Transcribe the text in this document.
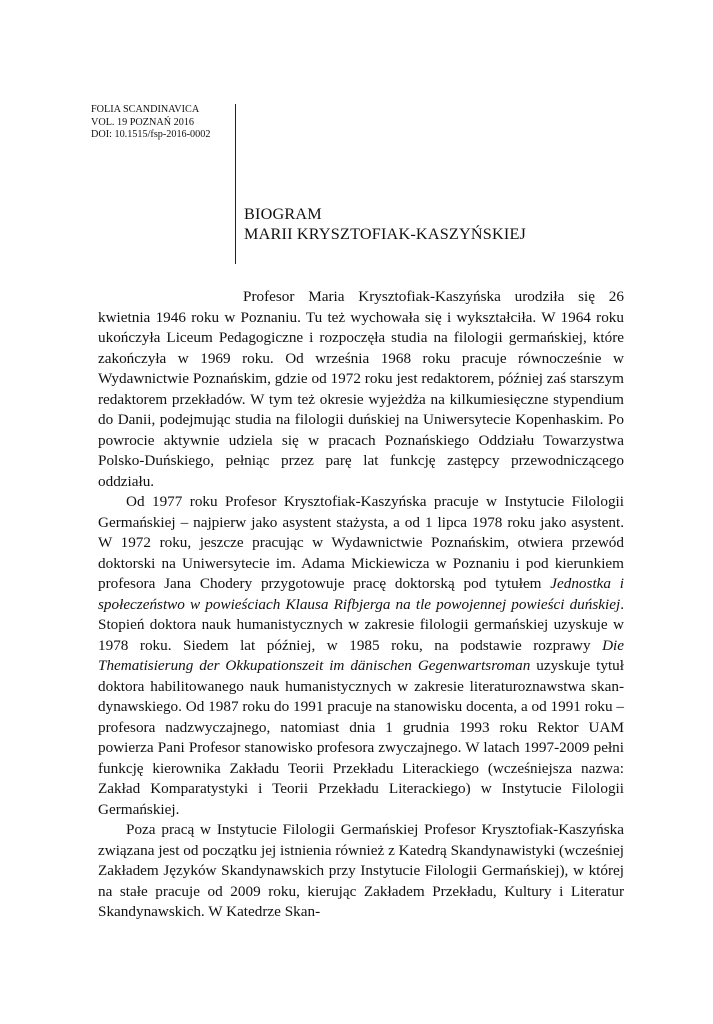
FOLIA SCANDINAVICA
VOL. 19 POZNAŃ 2016
DOI: 10.1515/fsp-2016-0002
BIOGRAM
MARII KRYSZTOFIAK-KASZYŃSKIEJ

Profesor Maria Krysztofiak-Kaszyńska urodziła się 26 kwietnia 1946 roku w Poznaniu. Tu też wychowała się i wykształciła. W 1964 roku ukończyła Liceum Pedagogiczne i rozpoczęła studia na filologii germańskiej, które zakończyła w 1969 roku. Od września 1968 roku pracuje równocześnie w Wydawnictwie Poznańskim, gdzie od 1972 roku jest redaktorem, później zaś starszym redaktorem przekładów. W tym też okresie wyjeżdża na kilkumiesięczne stypendium do Danii, podejmując studia na filologii duńskiej na Uniwersytecie Kopenhaskim. Po powrocie aktywnie udziela się w pracach Poznańskiego Oddziału Towarzystwa Polsko-Duńskiego, pełniąc przez parę lat funkcję zastępcy przewodniczącego oddziału.

Od 1977 roku Profesor Krysztofiak-Kaszyńska pracuje w Instytucie Filologii Germańskiej – najpierw jako asystent stażysta, a od 1 lipca 1978 roku jako asystent. W 1972 roku, jeszcze pracując w Wydawnictwie Poznańskim, otwiera przewód doktorski na Uniwersytecie im. Adama Mickiewicza w Poznaniu i pod kierunkiem profesora Jana Chodery przygotowuje pracę doktorską pod tytułem Jednostka i społeczeństwo w powieściach Klausa Rifbjerga na tle powojennej powieści duńskiej. Stopień doktora nauk humanistycznych w zakresie filologii germańskiej uzyskuje w 1978 roku. Siedem lat później, w 1985 roku, na podstawie rozprawy Die Thematisierung der Okkupationszeit im dänischen Gegenwartsroman uzyskuje tytuł doktora habilitowanego nauk humanistycznych w zakresie literaturoznawstwa skandynawskiego. Od 1987 roku do 1991 pracuje na stanowisku docenta, a od 1991 roku – profesora nadzwyczajnego, natomiast dnia 1 grudnia 1993 roku Rektor UAM powierza Pani Profesor stanowisko profesora zwyczajnego. W latach 1997-2009 pełni funkcję kierownika Zakładu Teorii Przekładu Literackiego (wcześniejsza nazwa: Zakład Komparatystyki i Teorii Przekładu Literackiego) w Instytucie Filologii Germańskiej.

Poza pracą w Instytucie Filologii Germańskiej Profesor Krysztofiak-Kaszyńska związana jest od początku jej istnienia również z Katedrą Skandynawistyki (wcześniej Zakładem Języków Skandynawskich przy Instytucie Filologii Germańskiej), w której na stałe pracuje od 2009 roku, kierując Zakładem Przekładu, Kultury i Literatur Skandynawskich. W Katedrze Skan-
